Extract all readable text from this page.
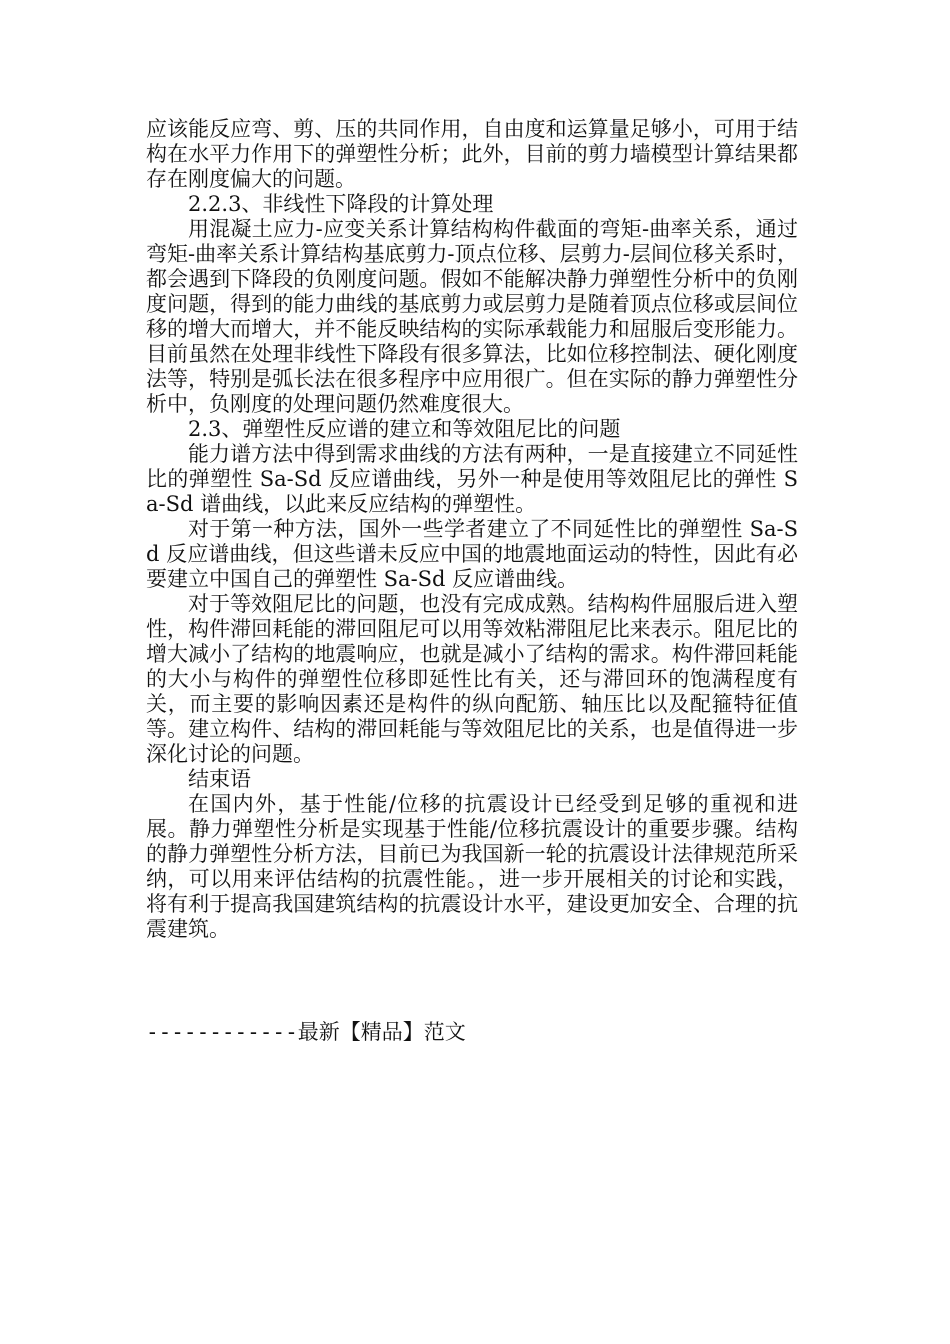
应该能反应弯、剪、压的共同作用，自由度和运算量足够小，可用于结构在水平力作用下的弹塑性分析；此外，目前的剪力墙模型计算结果都存在刚度偏大的问题。

2.2.3、非线性下降段的计算处理

用混凝土应力-应变关系计算结构构件截面的弯矩-曲率关系，通过弯矩-曲率关系计算结构基底剪力-顶点位移、层剪力-层间位移关系时，都会遇到下降段的负刚度问题。假如不能解决静力弹塑性分析中的负刚度问题，得到的能力曲线的基底剪力或层剪力是随着顶点位移或层间位移的增大而增大，并不能反映结构的实际承载能力和屈服后变形能力。目前虽然在处理非线性下降段有很多算法，比如位移控制法、硬化刚度法等，特别是弧长法在很多程序中应用很广。但在实际的静力弹塑性分析中，负刚度的处理问题仍然难度很大。

2.3、弹塑性反应谱的建立和等效阻尼比的问题

能力谱方法中得到需求曲线的方法有两种，一是直接建立不同延性比的弹塑性 Sa-Sd 反应谱曲线，另外一种是使用等效阻尼比的弹性 Sa-Sd 谱曲线，以此来反应结构的弹塑性。

对于第一种方法，国外一些学者建立了不同延性比的弹塑性 Sa-Sd 反应谱曲线，但这些谱未反应中国的地震地面运动的特性，因此有必要建立中国自己的弹塑性 Sa-Sd 反应谱曲线。

对于等效阻尼比的问题，也没有完成成熟。结构构件屈服后进入塑性，构件滞回耗能的滞回阻尼可以用等效粘滞阻尼比来表示。阻尼比的增大减小了结构的地震响应，也就是减小了结构的需求。构件滞回耗能的大小与构件的弹塑性位移即延性比有关，还与滞回环的饱满程度有关，而主要的影响因素还是构件的纵向配筋、轴压比以及配箍特征值等。建立构件、结构的滞回耗能与等效阻尼比的关系，也是值得进一步深化讨论的问题。

结束语

在国内外，基于性能/位移的抗震设计已经受到足够的重视和进展。静力弹塑性分析是实现基于性能/位移抗震设计的重要步骤。结构的静力弹塑性分析方法，目前已为我国新一轮的抗震设计法律规范所采纳，可以用来评估结构的抗震性能。，进一步开展相关的讨论和实践，将有利于提高我国建筑结构的抗震设计水平，建设更加安全、合理的抗震建筑。

------------最新【精品】范文
